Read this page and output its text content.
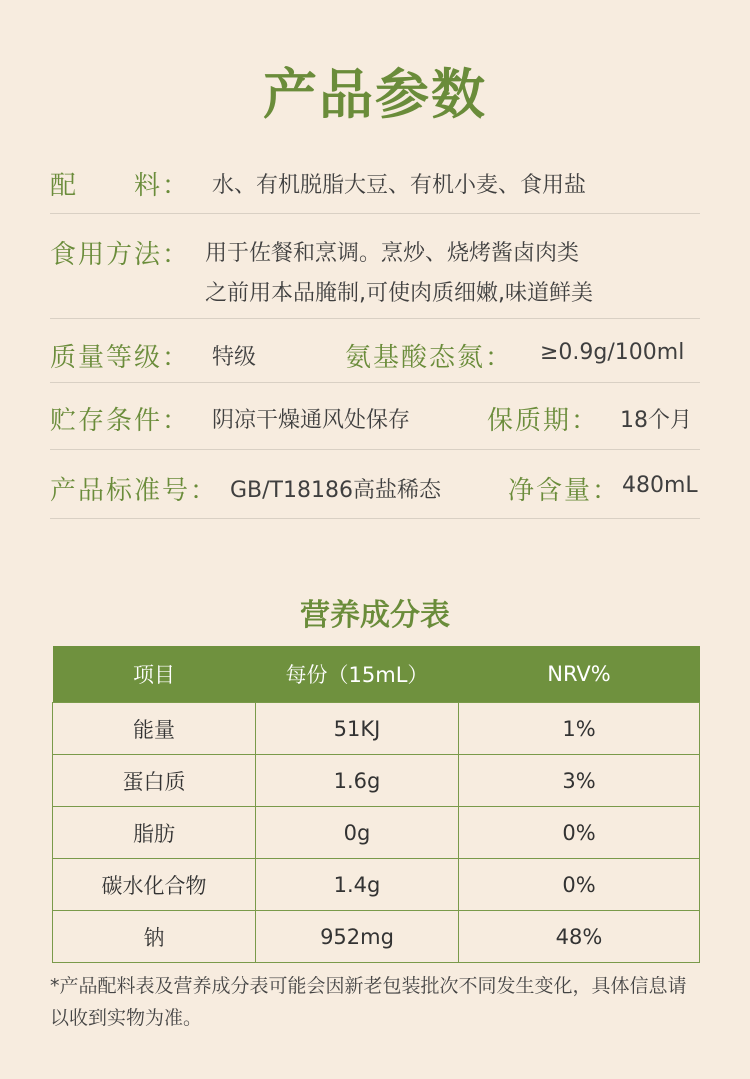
产品参数
配　　料： 水、有机脱脂大豆、有机小麦、食用盐
食用方法： 用于佐餐和烹调。烹炒、烧烤酱卤肉类
之前用本品腌制,可使肉质细嫩,味道鲜美
质量等级： 特级	氨基酸态氮： ≥0.9g/100ml
贮存条件： 阴凉干燥通风处保存	保质期： 18个月
产品标准号： GB/T18186高盐稀态	净含量： 480mL
营养成分表
项目	每份（15mL）	NRV%
能量	51KJ	1%
蛋白质	1.6g	3%
脂肪	0g	0%
碳水化合物	1.4g	0%
钠	952mg	48%
*产品配料表及营养成分表可能会因新老包装批次不同发生变化，具体信息请以收到实物为准。
